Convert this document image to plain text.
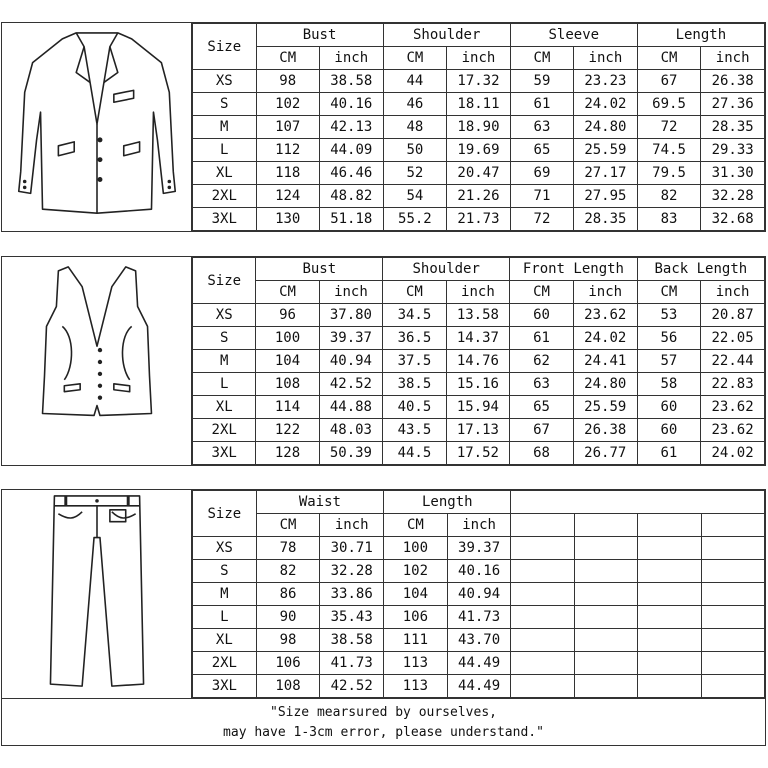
Size	Bust		Shoulder		Sleeve		Length	
	CM	inch	CM	inch	CM	inch	CM	inch
XS	98	38.58	44	17.32	59	23.23	67	26.38
S	102	40.16	46	18.11	61	24.02	69.5	27.36
M	107	42.13	48	18.90	63	24.80	72	28.35
L	112	44.09	50	19.69	65	25.59	74.5	29.33
XL	118	46.46	52	20.47	69	27.17	79.5	31.30
2XL	124	48.82	54	21.26	71	27.95	82	32.28
3XL	130	51.18	55.2	21.73	72	28.35	83	32.68
Size	Bust		Shoulder		Front Length		Back Length	
	CM	inch	CM	inch	CM	inch	CM	inch
XS	96	37.80	34.5	13.58	60	23.62	53	20.87
S	100	39.37	36.5	14.37	61	24.02	56	22.05
M	104	40.94	37.5	14.76	62	24.41	57	22.44
L	108	42.52	38.5	15.16	63	24.80	58	22.83
XL	114	44.88	40.5	15.94	65	25.59	60	23.62
2XL	122	48.03	43.5	17.13	67	26.38	60	23.62
3XL	128	50.39	44.5	17.52	68	26.77	61	24.02
Size	Waist		Length					
	CM	inch	CM	inch				
XS	78	30.71	100	39.37				
S	82	32.28	102	40.16				
M	86	33.86	104	40.94				
L	90	35.43	106	41.73				
XL	98	38.58	111	43.70				
2XL	106	41.73	113	44.49				
3XL	108	42.52	113	44.49				
"Size mearsured by ourselves,
may have 1-3cm error, please understand."
